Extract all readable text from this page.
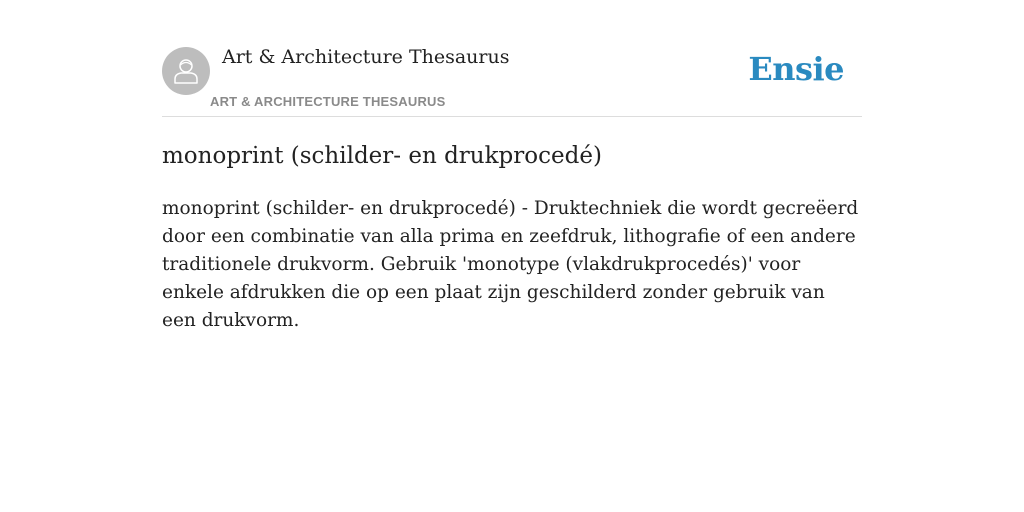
Art & Architecture Thesaurus
ART & ARCHITECTURE THESAURUS
Ensie
monoprint (schilder- en drukprocedé)

monoprint (schilder- en drukprocedé) - Druktechniek die wordt gecreëerd door een combinatie van alla prima en zeefdruk, lithografie of een andere traditionele drukvorm. Gebruik 'monotype (vlakdrukprocedés)' voor enkele afdrukken die op een plaat zijn geschilderd zonder gebruik van een drukvorm.
